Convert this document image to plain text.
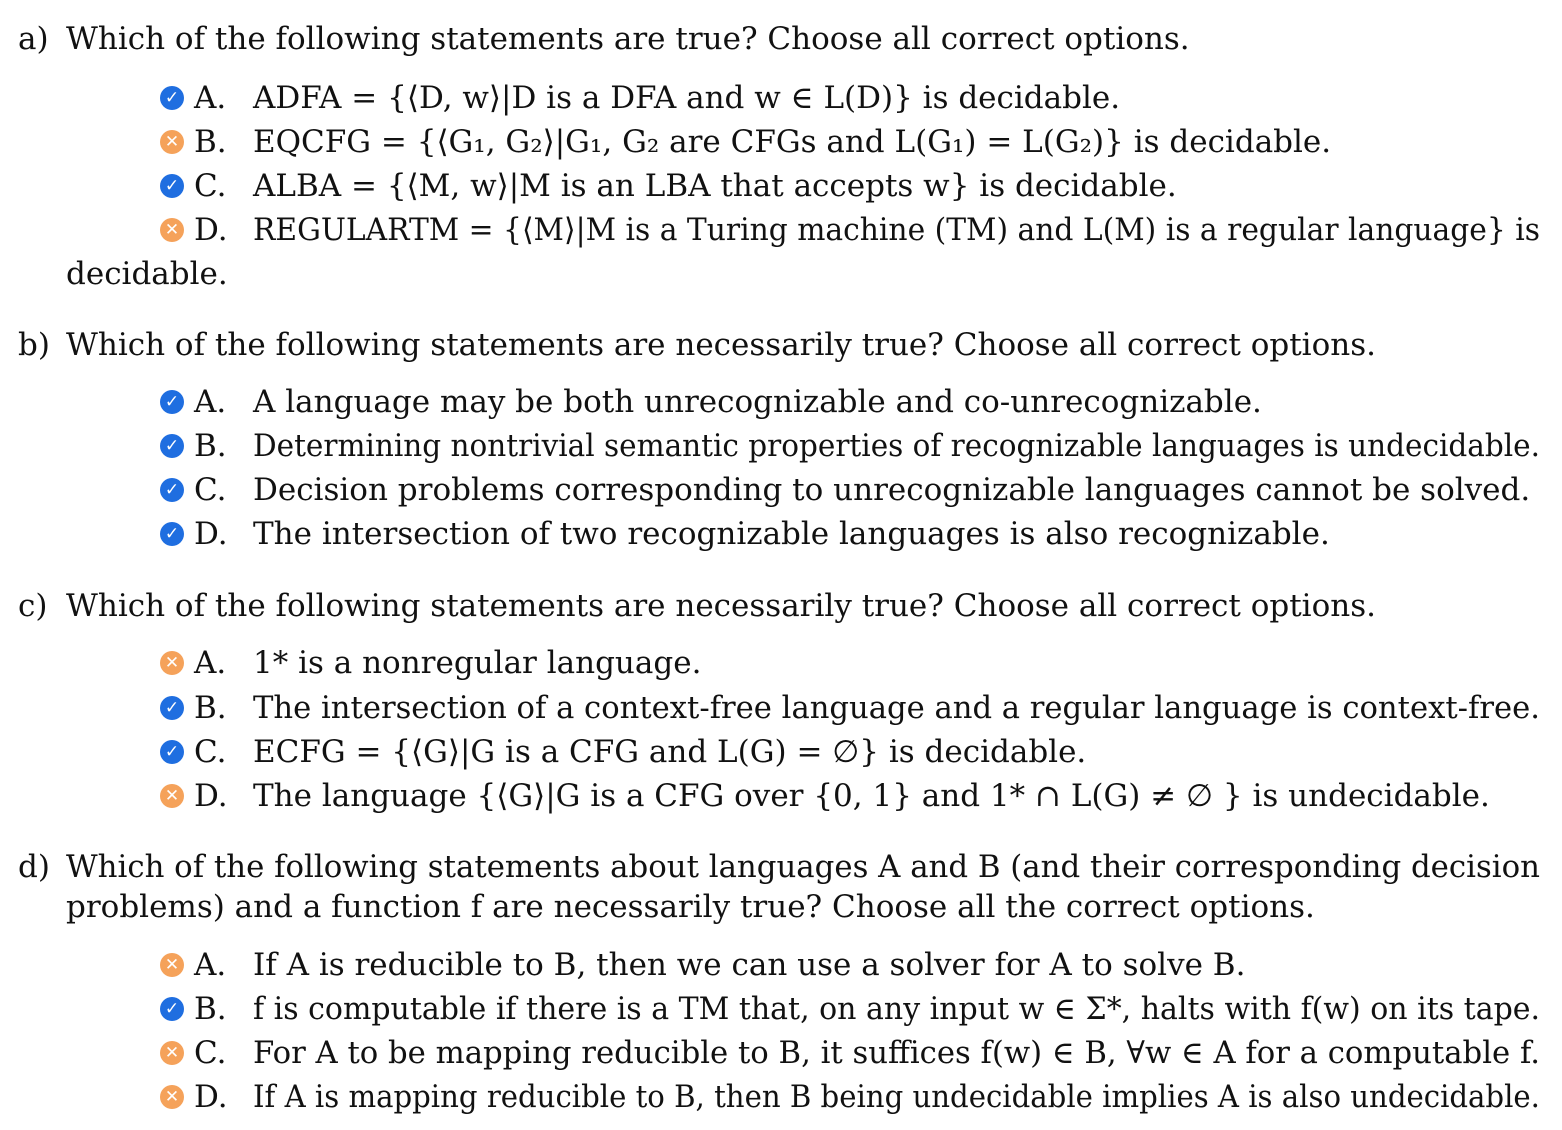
a) Which of the following statements are true? Choose all correct options.
✓ A. ADFA = {⟨D, w⟩|D is a DFA and w ∈ L(D)} is decidable.
✕ B. EQCFG = {⟨G₁, G₂⟩|G₁, G₂ are CFGs and L(G₁) = L(G₂)} is decidable.
✓ C. ALBA = {⟨M, w⟩|M is an LBA that accepts w} is decidable.
✕ D. REGULARTM = {⟨M⟩|M is a Turing machine (TM) and L(M) is a regular language} is
decidable.
b) Which of the following statements are necessarily true? Choose all correct options.
✓ A. A language may be both unrecognizable and co-unrecognizable.
✓ B. Determining nontrivial semantic properties of recognizable languages is undecidable.
✓ C. Decision problems corresponding to unrecognizable languages cannot be solved.
✓ D. The intersection of two recognizable languages is also recognizable.
c) Which of the following statements are necessarily true? Choose all correct options.
✕ A. 1* is a nonregular language.
✓ B. The intersection of a context-free language and a regular language is context-free.
✓ C. ECFG = {⟨G⟩|G is a CFG and L(G) = ∅} is decidable.
✕ D. The language {⟨G⟩|G is a CFG over {0, 1} and 1* ∩ L(G) ≠ ∅ } is undecidable.
d) Which of the following statements about languages A and B (and their corresponding decision
problems) and a function f are necessarily true? Choose all the correct options.
✕ A. If A is reducible to B, then we can use a solver for A to solve B.
✓ B. f is computable if there is a TM that, on any input w ∈ Σ*, halts with f(w) on its tape.
✕ C. For A to be mapping reducible to B, it suffices f(w) ∈ B, ∀w ∈ A for a computable f.
✕ D. If A is mapping reducible to B, then B being undecidable implies A is also undecidable.
